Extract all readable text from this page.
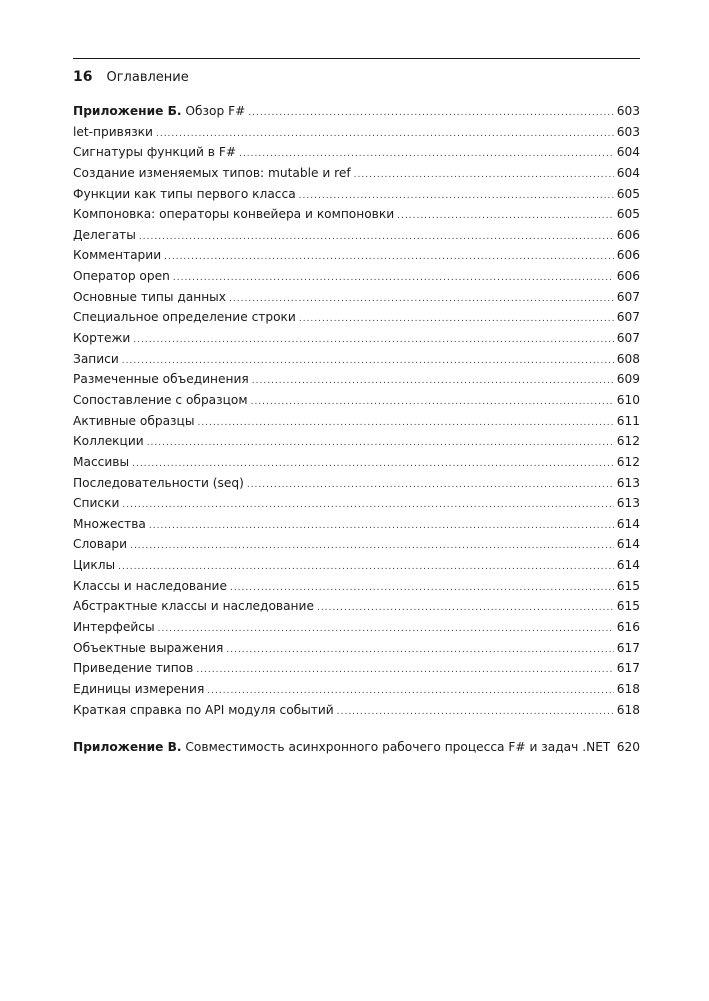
16 Оглавление
Приложение Б. Обзор F# .....	603
let-привязки .....	603
Сигнатуры функций в F# .....	604
Создание изменяемых типов: mutable и ref .....	604
Функции как типы первого класса .....	605
Компоновка: операторы конвейера и компоновки .....	605
Делегаты .....	606
Комментарии .....	606
Оператор open .....	606
Основные типы данных .....	607
Специальное определение строки .....	607
Кортежи .....	607
Записи .....	608
Размеченные объединения .....	609
Сопоставление с образцом .....	610
Активные образцы .....	611
Коллекции .....	612
Массивы .....	612
Последовательности (seq) .....	613
Списки .....	613
Множества .....	614
Словари .....	614
Циклы .....	614
Классы и наследование .....	615
Абстрактные классы и наследование .....	615
Интерфейсы .....	616
Объектные выражения .....	617
Приведение типов .....	617
Единицы измерения .....	618
Краткая справка по API модуля событий .....	618
Приложение В. Совместимость асинхронного рабочего процесса F# и задач .NET ..... 620
